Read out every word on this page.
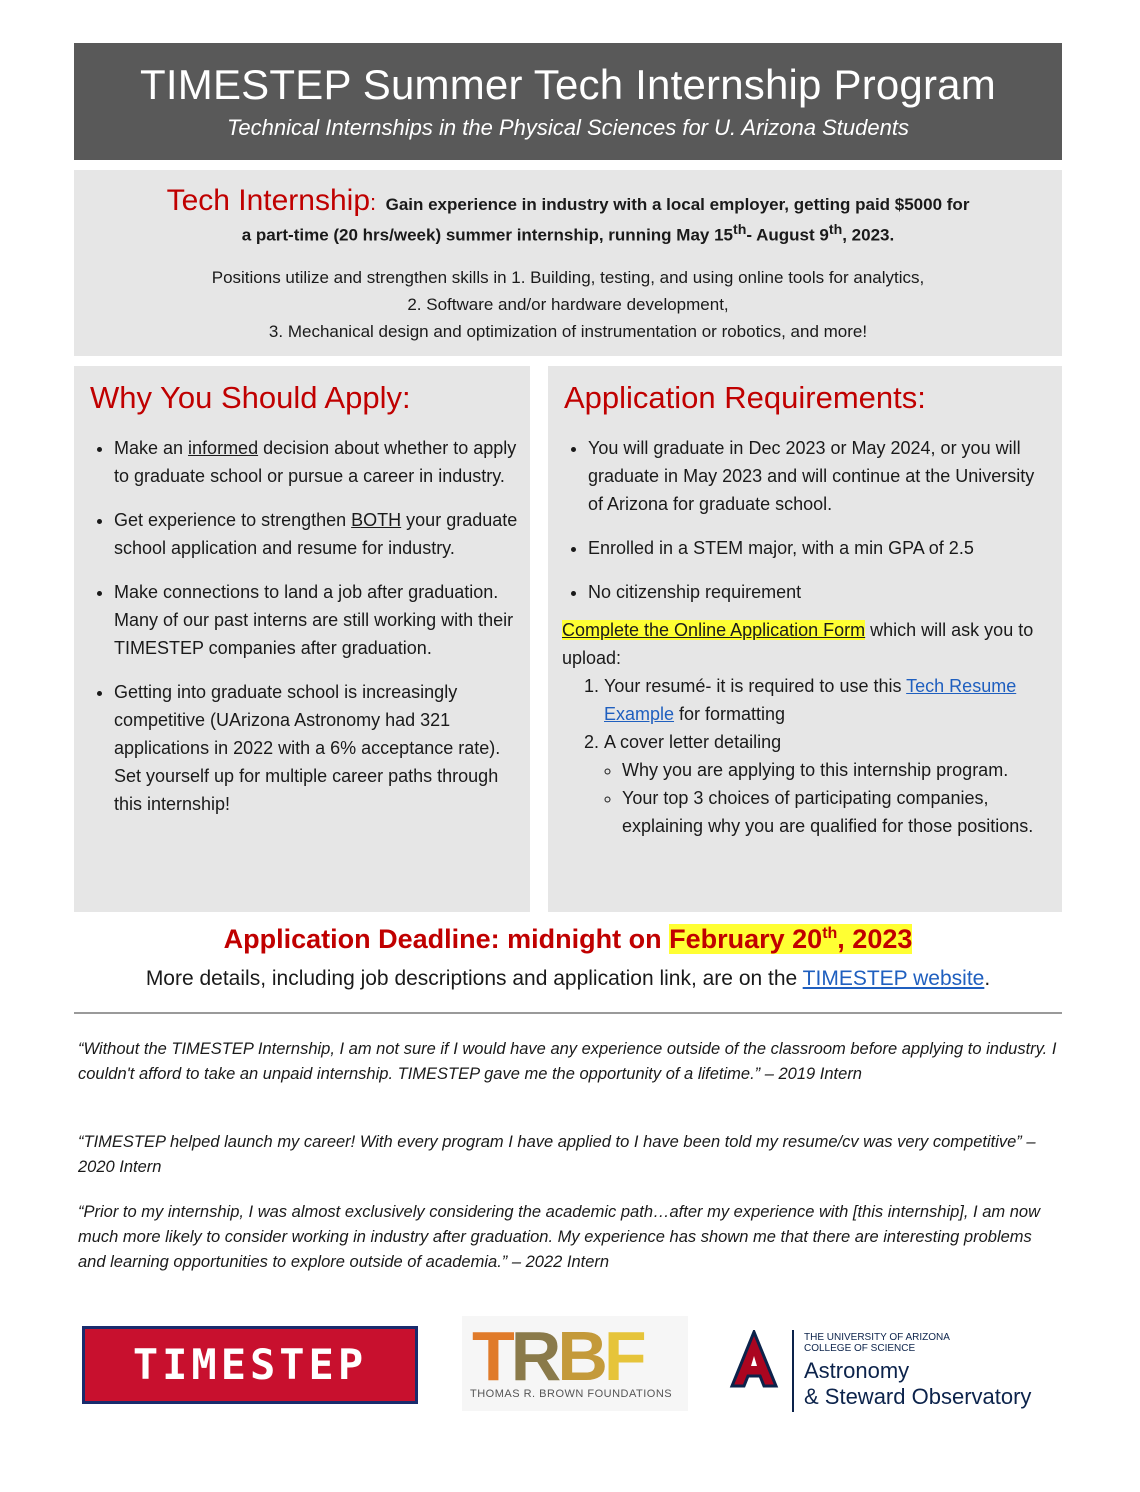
TIMESTEP Summer Tech Internship Program
Technical Internships in the Physical Sciences for U. Arizona Students
Tech Internship: Gain experience in industry with a local employer, getting paid $5000 for
a part-time (20 hrs/week) summer internship, running May 15th- August 9th, 2023.
Positions utilize and strengthen skills in 1. Building, testing, and using online tools for analytics,
2. Software and/or hardware development,
3. Mechanical design and optimization of instrumentation or robotics, and more!
Why You Should Apply:
• Make an informed decision about whether to apply to graduate school or pursue a career in industry.
• Get experience to strengthen BOTH your graduate school application and resume for industry.
• Make connections to land a job after graduation. Many of our past interns are still working with their TIMESTEP companies after graduation.
• Getting into graduate school is increasingly competitive (UArizona Astronomy had 321 applications in 2022 with a 6% acceptance rate). Set yourself up for multiple career paths through this internship!
Application Requirements:
• You will graduate in Dec 2023 or May 2024, or you will graduate in May 2023 and will continue at the University of Arizona for graduate school.
• Enrolled in a STEM major, with a min GPA of 2.5
• No citizenship requirement
Complete the Online Application Form which will ask you to upload:
1. Your resumé- it is required to use this Tech Resume Example for formatting
2. A cover letter detailing
◦ Why you are applying to this internship program.
◦ Your top 3 choices of participating companies, explaining why you are qualified for those positions.
Application Deadline: midnight on February 20th, 2023
More details, including job descriptions and application link, are on the TIMESTEP website.
“Without the TIMESTEP Internship, I am not sure if I would have any experience outside of the classroom before applying to industry. I couldn't afford to take an unpaid internship. TIMESTEP gave me the opportunity of a lifetime.” – 2019 Intern
“TIMESTEP helped launch my career! With every program I have applied to I have been told my resume/cv was very competitive” – 2020 Intern
“Prior to my internship, I was almost exclusively considering the academic path…after my experience with [this internship], I am now much more likely to consider working in industry after graduation. My experience has shown me that there are interesting problems and learning opportunities to explore outside of academia.” – 2022 Intern
TIMESTEP	TRBF
THOMAS R. BROWN FOUNDATIONS
THE UNIVERSITY OF ARIZONA
COLLEGE OF SCIENCE
Astronomy
& Steward Observatory
